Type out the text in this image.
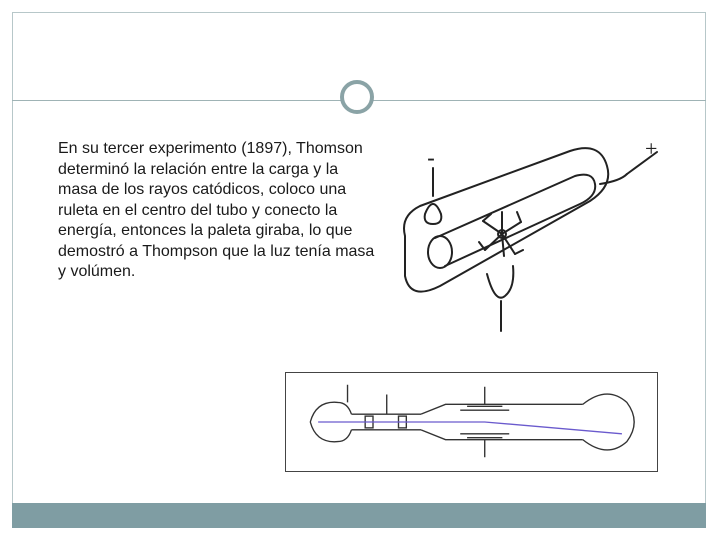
En su tercer experimento (1897), Thomson
determinó la relación entre la carga y la
masa de los rayos catódicos, coloco una
ruleta en el centro del tubo y conecto la
energía, entonces la paleta giraba, lo que
demostró a Thompson que la luz tenía masa
y volúmen.
-	+
